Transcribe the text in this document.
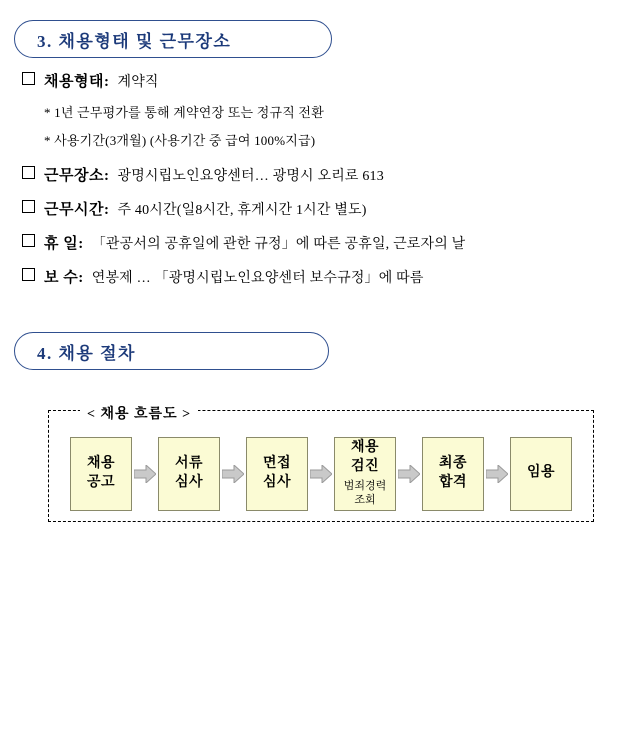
3. 채용형태 및 근무장소
채용형태: 계약직
* 1년 근무평가를 통해 계약연장 또는 정규직 전환
* 사용기간(3개월) (사용기간 중 급여 100%지급)
근무장소: 광명시립노인요양센터… 광명시 오리로 613
근무시간: 주 40시간(일8시간, 휴게시간 1시간 별도)
휴 일: 「관공서의 공휴일에 관한 규정」에 따른 공휴일, 근로자의 날
보 수: 연봉제 … 「광명시립노인요양센터 보수규정」에 따름
4. 채용 절차
< 채용 흐름도 >
채용
공고
서류
심사
면접
심사
채용
검진
범죄경력
조회
최종
합격
임용
